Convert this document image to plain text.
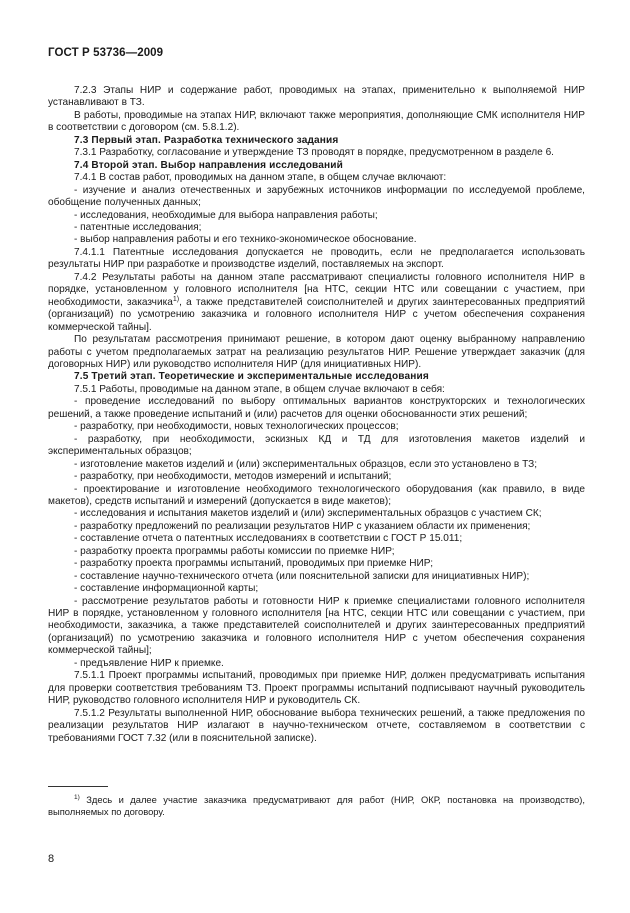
ГОСТ Р 53736—2009

7.2.3 Этапы НИР и содержание работ, проводимых на этапах, применительно к выполняемой НИР устанавливают в ТЗ.

В работы, проводимые на этапах НИР, включают также мероприятия, дополняющие СМК исполнителя НИР в соответствии с договором (см. 5.8.1.2).

7.3 Первый этап. Разработка технического задания

7.3.1 Разработку, согласование и утверждение ТЗ проводят в порядке, предусмотренном в разделе 6.

7.4 Второй этап. Выбор направления исследований

7.4.1 В состав работ, проводимых на данном этапе, в общем случае включают:

- изучение и анализ отечественных и зарубежных источников информации по исследуемой проблеме, обобщение полученных данных;

- исследования, необходимые для выбора направления работы;

- патентные исследования;

- выбор направления работы и его технико-экономическое обоснование.

7.4.1.1 Патентные исследования допускается не проводить, если не предполагается использовать результаты НИР при разработке и производстве изделий, поставляемых на экспорт.

7.4.2 Результаты работы на данном этапе рассматривают специалисты головного исполнителя НИР в порядке, установленном у головного исполнителя [на НТС, секции НТС или совещании с участием, при необходимости, заказчика$^{1)}$, а также представителей соисполнителей и других заинтересованных предприятий (организаций) по усмотрению заказчика и головного исполнителя НИР с учетом обеспечения сохранения коммерческой тайны].

По результатам рассмотрения принимают решение, в котором дают оценку выбранному направлению работы с учетом предполагаемых затрат на реализацию результатов НИР. Решение утверждает заказчик (для договорных НИР) или руководство исполнителя НИР (для инициативных НИР).

7.5 Третий этап. Теоретические и экспериментальные исследования

7.5.1 Работы, проводимые на данном этапе, в общем случае включают в себя:

- проведение исследований по выбору оптимальных вариантов конструкторских и технологических решений, а также проведение испытаний и (или) расчетов для оценки обоснованности этих решений;

- разработку, при необходимости, новых технологических процессов;

- разработку, при необходимости, эскизных КД и ТД для изготовления макетов изделий и экспериментальных образцов;

- изготовление макетов изделий и (или) экспериментальных образцов, если это установлено в ТЗ;

- разработку, при необходимости, методов измерений и испытаний;

- проектирование и изготовление необходимого технологического оборудования (как правило, в виде макетов), средств испытаний и измерений (допускается в виде макетов);

- исследования и испытания макетов изделий и (или) экспериментальных образцов с участием СК;

- разработку предложений по реализации результатов НИР с указанием области их применения;

- составление отчета о патентных исследованиях в соответствии с ГОСТ Р 15.011;

- разработку проекта программы работы комиссии по приемке НИР;

- разработку проекта программы испытаний, проводимых при приемке НИР;

- составление научно-технического отчета (или пояснительной записки для инициативных НИР);

- составление информационной карты;

- рассмотрение результатов работы и готовности НИР к приемке специалистами головного исполнителя НИР в порядке, установленном у головного исполнителя [на НТС, секции НТС или совещании с участием, при необходимости, заказчика, а также представителей соисполнителей и других заинтересованных предприятий (организаций) по усмотрению заказчика и головного исполнителя НИР с учетом обеспечения сохранения коммерческой тайны];

- предъявление НИР к приемке.

7.5.1.1 Проект программы испытаний, проводимых при приемке НИР, должен предусматривать испытания для проверки соответствия требованиям ТЗ. Проект программы испытаний подписывают научный руководитель НИР, руководство головного исполнителя НИР и руководитель СК.

7.5.1.2 Результаты выполненной НИР, обоснование выбора технических решений, а также предложения по реализации результатов НИР излагают в научно-техническом отчете, составляемом в соответствии с требованиями ГОСТ 7.32 (или в пояснительной записке).

$^{1)}$ Здесь и далее участие заказчика предусматривают для работ (НИР, ОКР, постановка на производство), выполняемых по договору.
8
